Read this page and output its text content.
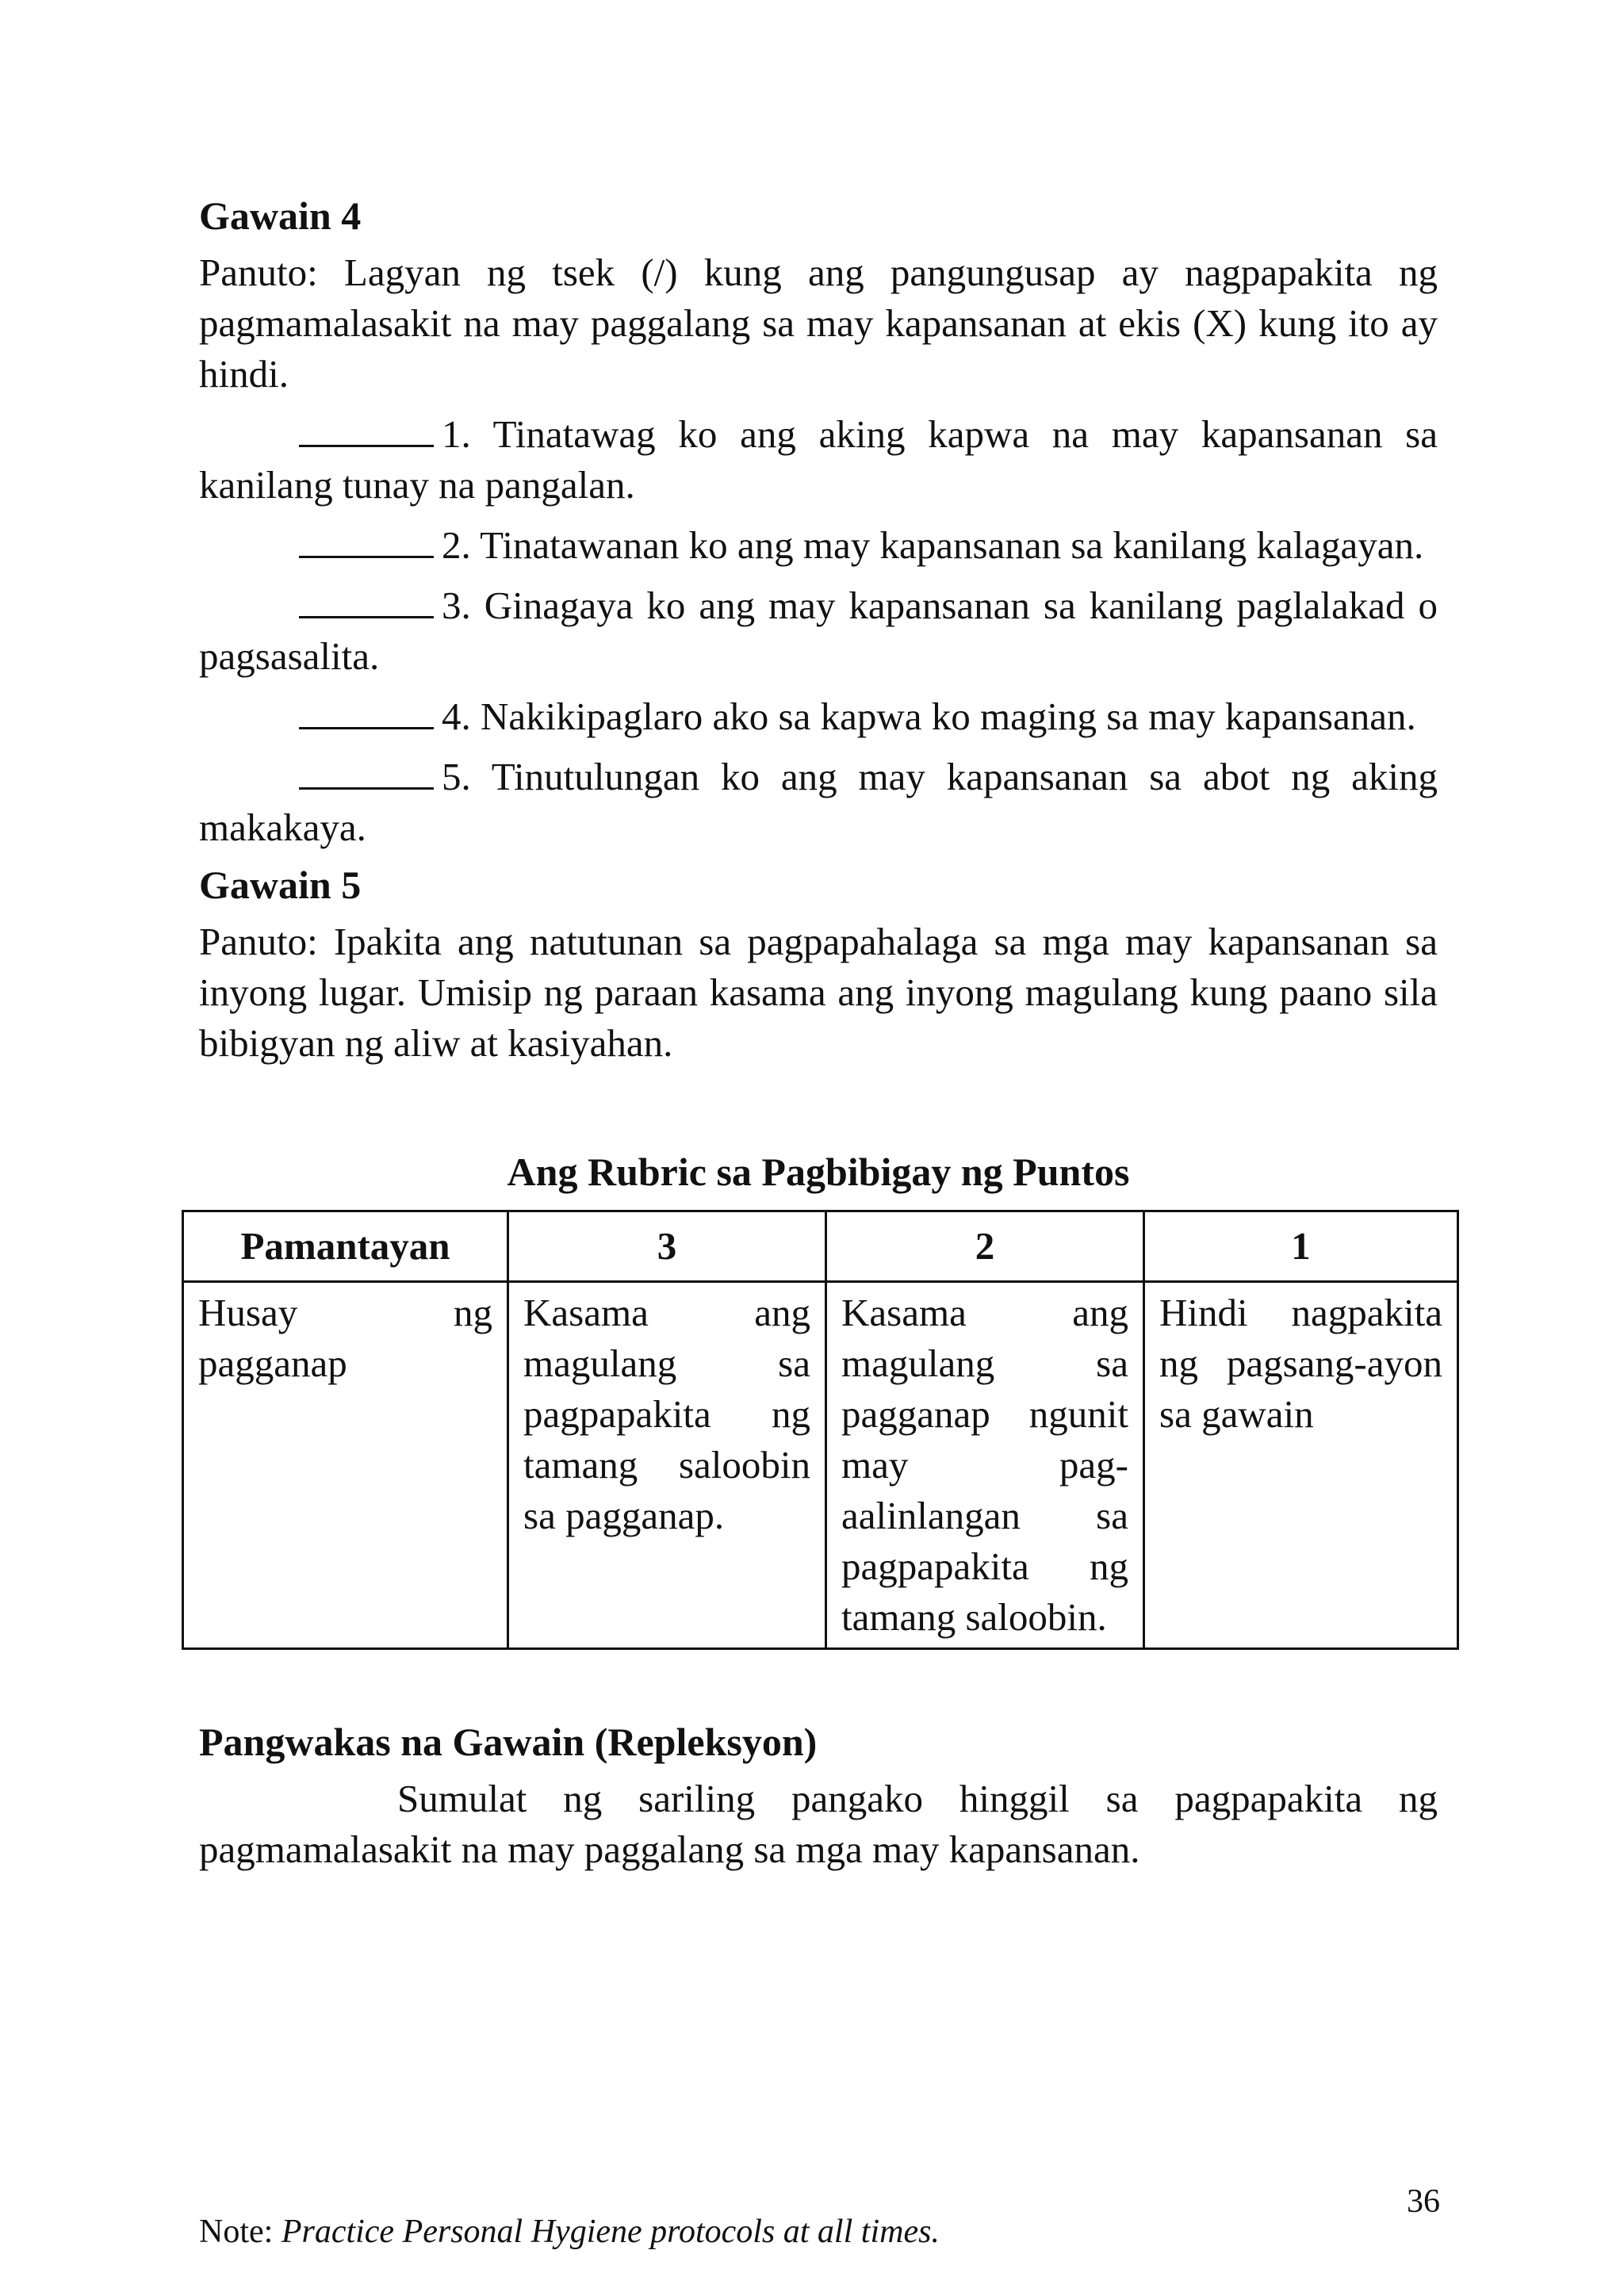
Gawain 4

Panuto: Lagyan ng tsek (/) kung ang pangungusap ay nagpapakita ng pagmamalasakit na may paggalang sa may kapansanan at ekis (X) kung ito ay hindi.

1. Tinatawag ko ang aking kapwa na may kapansanan sa kanilang tunay na pangalan.

2. Tinatawanan ko ang may kapansanan sa kanilang kalagayan.

3. Ginagaya ko ang may kapansanan sa kanilang paglalakad o pagsasalita.

4. Nakikipaglaro ako sa kapwa ko maging sa may kapansanan.

5. Tinutulungan ko ang may kapansanan sa abot ng aking makakaya.

Gawain 5

Panuto: Ipakita ang natutunan sa pagpapahalaga sa mga may kapansanan sa inyong lugar. Umisip ng paraan kasama ang inyong magulang kung paano sila bibigyan ng aliw at kasiyahan.

Ang Rubric sa Pagbibigay ng Puntos
Pamantayan	3	2	1
Husay ng pagganap	Kasama ang magulang sa pagpapakita ng tamang saloobin sa pagganap.	Kasama ang magulang sa pagganap ngunit may pag-aalinlangan sa pagpapakita ng tamang saloobin.	Hindi nagpakita ng pagsang-ayon sa gawain
Pangwakas na Gawain (Repleksyon)

Sumulat ng sariling pangako hinggil sa pagpapakita ng pagmamalasakit na may paggalang sa mga may kapansanan.

36
Note: Practice Personal Hygiene protocols at all times.
